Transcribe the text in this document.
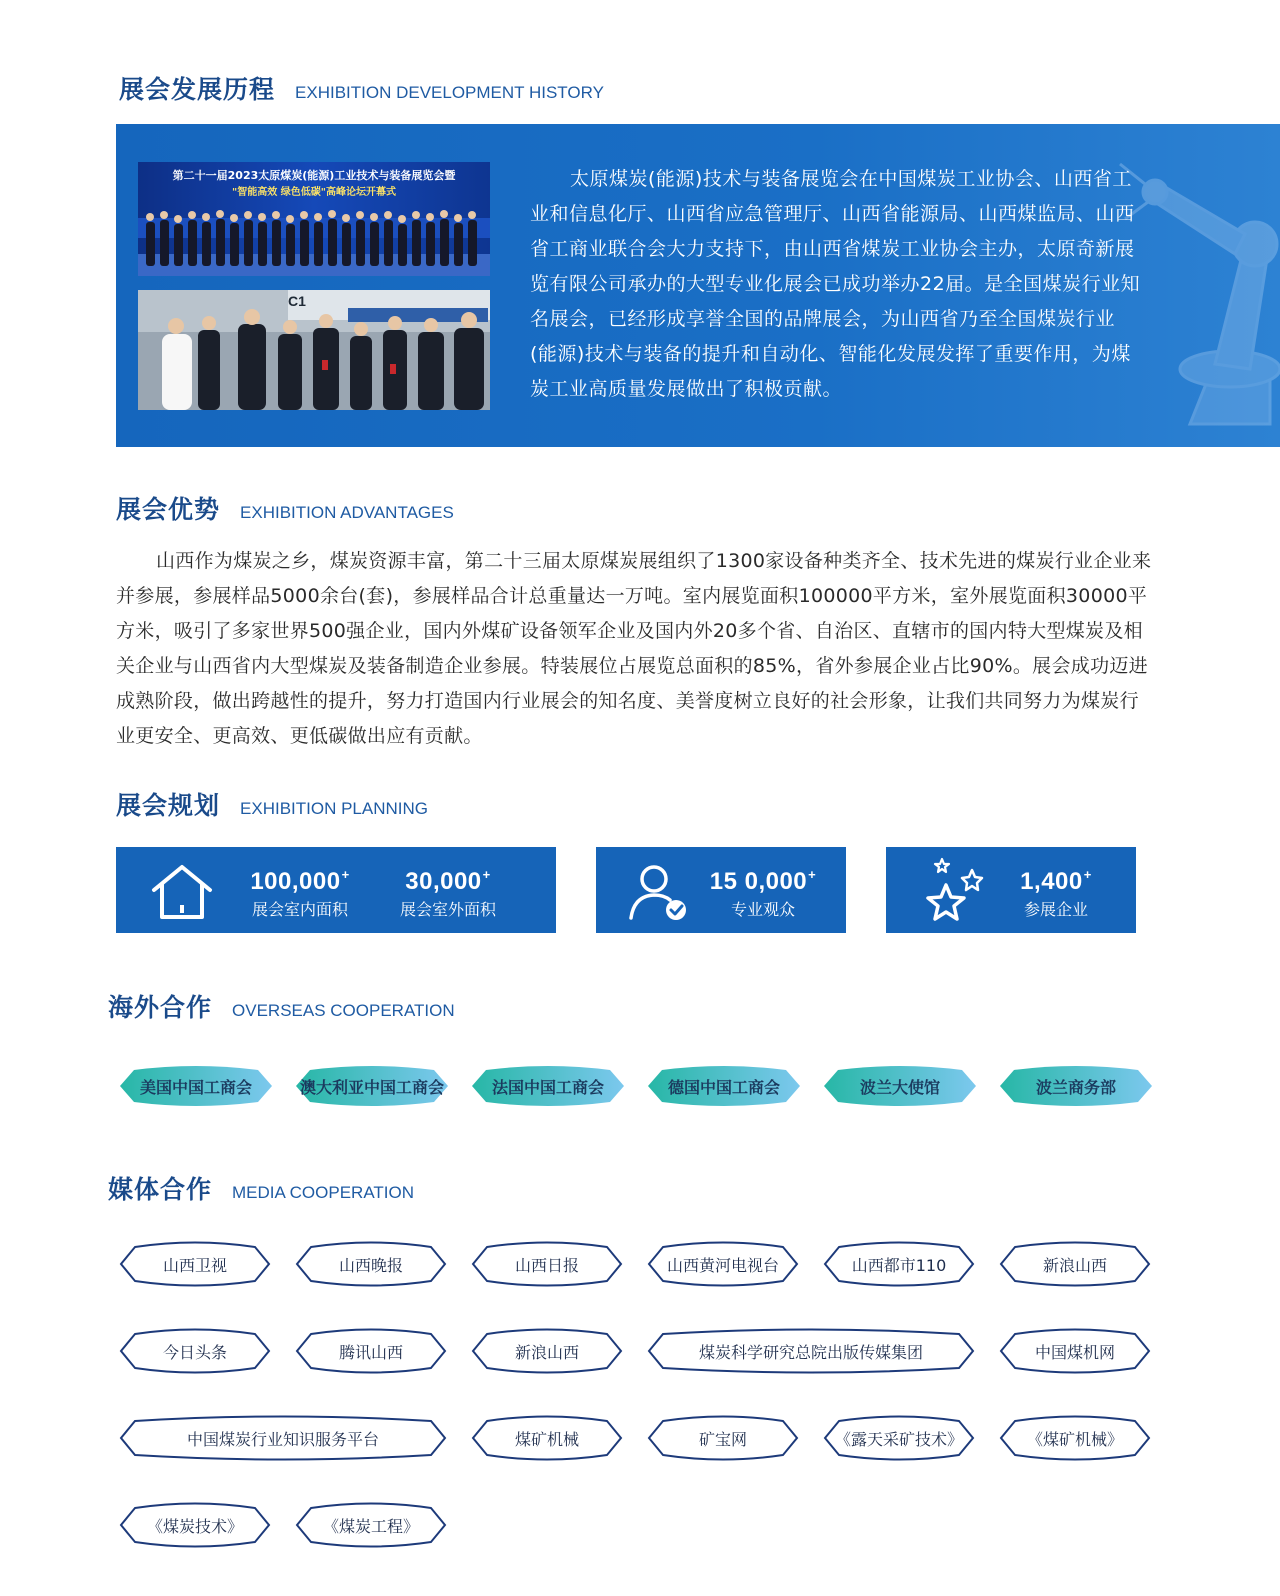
展会发展历程 EXHIBITION DEVELOPMENT HISTORY
第二十一届2023太原煤炭(能源)工业技术与装备展览会暨
"智能高效 绿色低碳"高峰论坛开幕式
C1

太原煤炭(能源)技术与装备展览会在中国煤炭工业协会、山西省工业和信息化厅、山西省应急管理厅、山西省能源局、山西煤监局、山西省工商业联合会大力支持下，由山西省煤炭工业协会主办，太原奇新展览有限公司承办的大型专业化展会已成功举办22届。是全国煤炭行业知名展会，已经形成享誉全国的品牌展会，为山西省乃至全国煤炭行业(能源)技术与装备的提升和自动化、智能化发展发挥了重要作用，为煤炭工业高质量发展做出了积极贡献。

展会优势 EXHIBITION ADVANTAGES

山西作为煤炭之乡，煤炭资源丰富，第二十三届太原煤炭展组织了1300家设备种类齐全、技术先进的煤炭行业企业来并参展，参展样品5000余台(套)，参展样品合计总重量达一万吨。室内展览面积100000平方米，室外展览面积30000平方米，吸引了多家世界500强企业，国内外煤矿设备领军企业及国内外20多个省、自治区、直辖市的国内特大型煤炭及相关企业与山西省内大型煤炭及装备制造企业参展。特装展位占展览总面积的85%，省外参展企业占比90%。展会成功迈进成熟阶段，做出跨越性的提升，努力打造国内行业展会的知名度、美誉度树立良好的社会形象，让我们共同努力为煤炭行业更安全、更高效、更低碳做出应有贡献。

展会规划 EXHIBITION PLANNING
100,000+
展会室内面积
30,000+
展会室外面积
15 0,000+
专业观众
1,400+
参展企业
海外合作 OVERSEAS COOPERATION
美国中国工商会	澳大利亚中国工商会	法国中国工商会	德国中国工商会	波兰大使馆	波兰商务部
媒体合作 MEDIA COOPERATION
山西卫视	山西晚报	山西日报	山西黄河电视台	山西都市110	新浪山西
今日头条	腾讯山西	新浪山西	煤炭科学研究总院出版传媒集团	中国煤机网
中国煤炭行业知识服务平台	煤矿机械	矿宝网	《露天采矿技术》	《煤矿机械》
《煤炭技术》	《煤炭工程》
